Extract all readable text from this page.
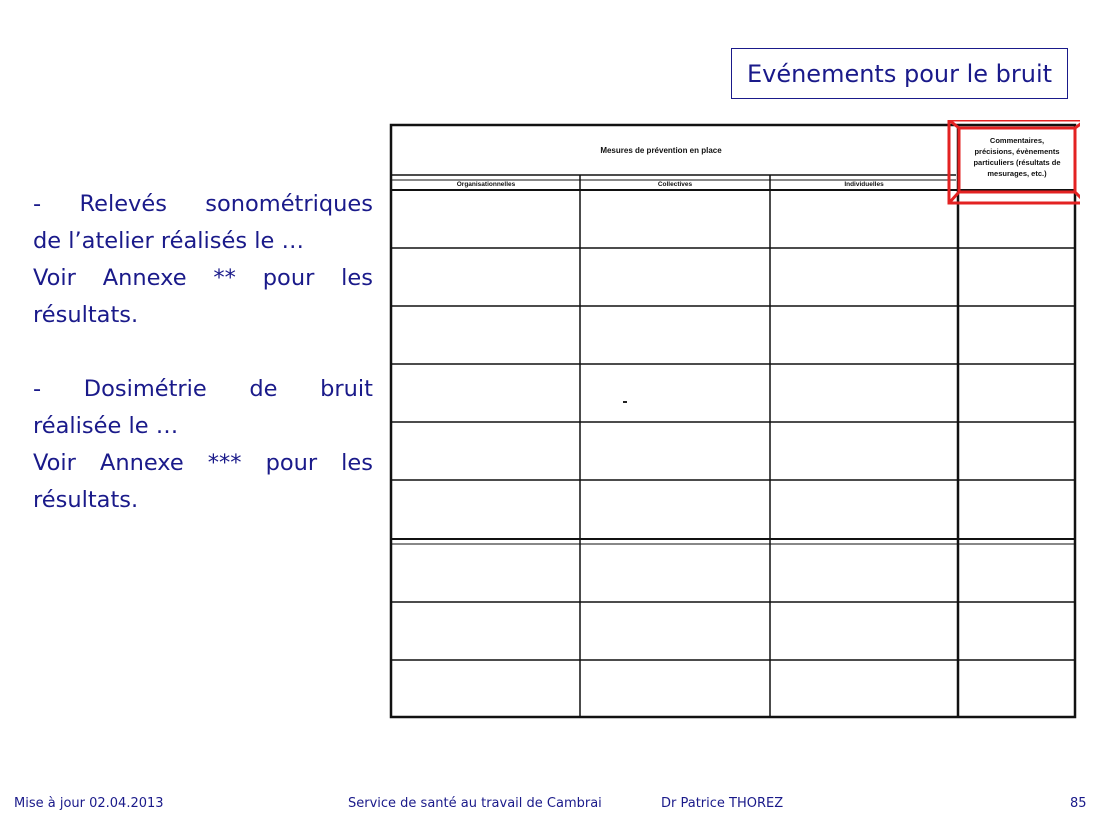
Evénements pour le bruit

- Relevés sonométriques

de l’atelier réalisés le …

Voir Annexe ** pour les

résultats.

- Dosimétrie de bruit

réalisée le …

Voir Annexe *** pour les

résultats.

Mesures de prévention en place
Organisationnelles	Collectives	Individuelles
Commentaires,
précisions, évènements
particuliers (résultats de
mesurages, etc.)
Mise à jour 02.04.2013	Service de santé au travail de Cambrai	Dr Patrice THOREZ	85
